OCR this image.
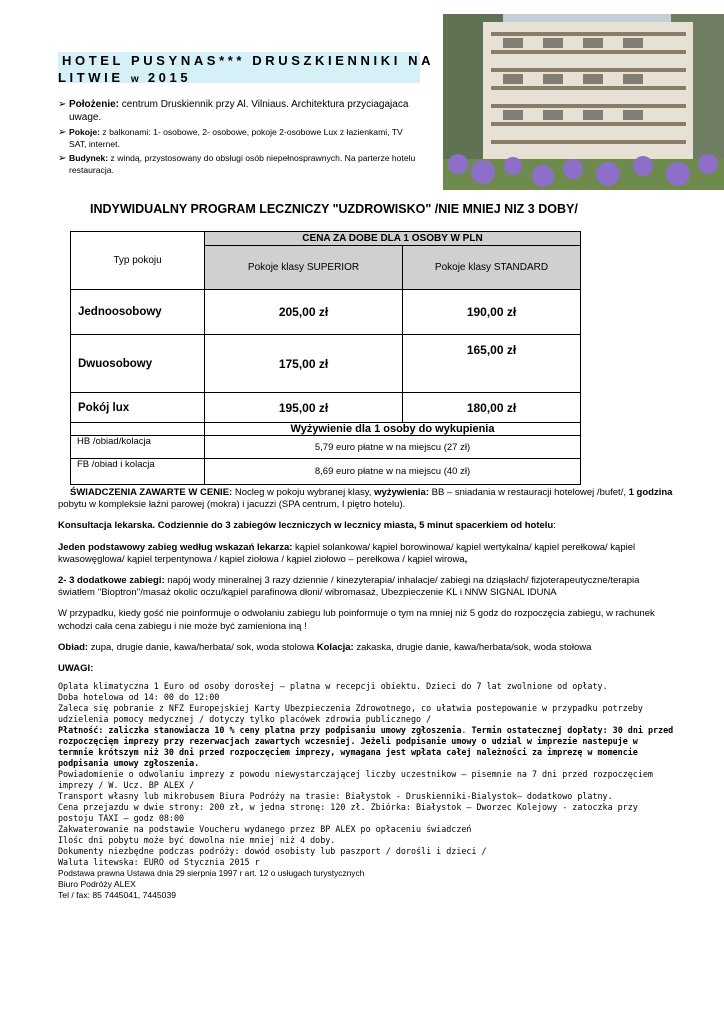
HOTEL PUSYNAS*** DRUSZKIENNIKI NA
LITWIE w 2015
➢ Położenie: centrum Druskiennik przy Al. Vilniaus. Architektura przyciagajaca uwage.
➢ Pokoje: z balkonami: 1- osobowe, 2- osobowe, pokoje 2-osobowe Lux z łazienkami, TV SAT, internet.
➢ Budynek: z windą, przystosowany do obsługi osób niepełnosprawnych. Na parterze hotelu restauracja.
INDYWIDUALNY PROGRAM LECZNICZY "UZDROWISKO" /NIE MNIEJ NIZ 3 DOBY/
Typ pokoju	CENA ZA DOBE DLA 1 OSOBY W PLN	
	Pokoje klasy SUPERIOR	Pokoje klasy STANDARD
Jednoosobowy	205,00 zł	190,00 zł
Dwuosobowy	175,00 zł	165,00 zł
Pokój lux	195,00 zł	180,00 zł
	Wyżywienie dla 1 osoby do wykupienia	
HB /obiad/kolacja	5,79 euro płatne w na miejscu (27 zł)	
FB /obiad i kolacja	8,69 euro płatne w na miejscu (40 zł)	

ŚWIADCZENIA ZAWARTE W CENIE: Nocleg w pokoju wybranej klasy, wyżywienia: BB – sniadania w restauracji hotelowej /bufet/, 1 godzina pobytu w kompleksie łaźni parowej (mokra) i jacuzzi (SPA centrum, I piętro hotelu).

Konsultacja lekarska. Codziennie do 3 zabiegów leczniczych w lecznicy miasta, 5 minut spacerkiem od hotelu:

Jeden podstawowy zabieg według wskazań lekarza: kąpiel solankowa/ kąpiel borowinowa/ kąpiel wertykalna/ kąpiel perełkowa/ kąpiel kwasowęglowa/ kąpiel terpentynowa / kąpiel ziołowa / kąpiel ziołowo – perełkowa / kąpiel wirowa,

2- 3 dodatkowe zabiegi: napój wody mineralnej 3 razy dziennie / kinezyterapia/ inhalacje/ zabiegi na dziąsłach/ fizjoterapeutyczne/terapia światłem ''Bioptron''/masaż okolic oczu/kąpiel parafinowa dłoni/ wibromasaż, Ubezpieczenie KL i NNW SIGNAL IDUNA

W przypadku, kiedy gość nie poinformuje o odwołaniu zabiegu lub poinformuje o tym na mniej niż 5 godz do rozpoczęcia zabiegu, w rachunek wchodzi cała cena zabiegu i nie może być zamieniona iną !

Obiad: zupa, drugie danie, kawa/herbata/ sok, woda stolowa Kolacja: zakaska, drugie danie, kawa/herbata/sok, woda stołowa

UWAGI:

Oplata klimatyczna 1 Euro od osoby dorosłej – platna w recepcji obiektu. Dzieci do 7 lat zwolnione od opłaty.

Doba hotelowa od 14: 00 do 12:00

Zaleca się pobranie z NFZ Europejskiej Karty Ubezpieczenia Zdrowotnego, co ułatwia postepowanie w przypadku potrzeby udzielenia pomocy medycznej / dotyczy tylko placówek zdrowia publicznego /

Płatność: zaliczka stanowiacza 10 % ceny platna przy podpisaniu umowy zgłoszenia. Termin ostatecznej dopłaty: 30 dni przed rozpoczęcięm imprezy przy rezerwacjach zawartych wczesniej. Jeżeli podpisanie umowy o udzial w imprezie nastepuje w termnie krótszym niż 30 dni przed rozpoczęciem imprezy, wymagana jest wpłata całej należności za imprezę w momencie podpisania umowy zgłoszenia.

Powiadomienie o odwolaniu imprezy z powodu niewystarczającej liczby uczestnikow – pisemnie na 7 dni przed rozpoczęciem imprezy / W. Ucz. BP ALEX /

Transport własny lub mikrobusem Biura Podróży na trasie: Białystok - Druskienniki-Bialystok– dodatkowo platny.

Cena przejazdu w dwie strony: 200 zł, w jedna stronę: 120 zł. Zbiórka: Białystok – Dworzec Kolejowy - zatoczka przy postoju TAXI – godz 08:00

Zakwaterowanie na podstawie Voucheru wydanego przez BP ALEX po opłaceniu świadczeń

Ilośc dni pobytu może być dowolna nie mniej niż 4 doby.

Dokumenty niezbędne podczas podróży: dowód osobisty lub paszport / dorośli i dzieci /

Waluta litewska: EURO od Stycznia 2015 r

Podstawa prawna Ustawa dnia 29 sierpnia 1997 r art. 12 o usługach turystycznych

Biuro Podróży ALEX
Tel / fax: 85 7445041, 7445039
